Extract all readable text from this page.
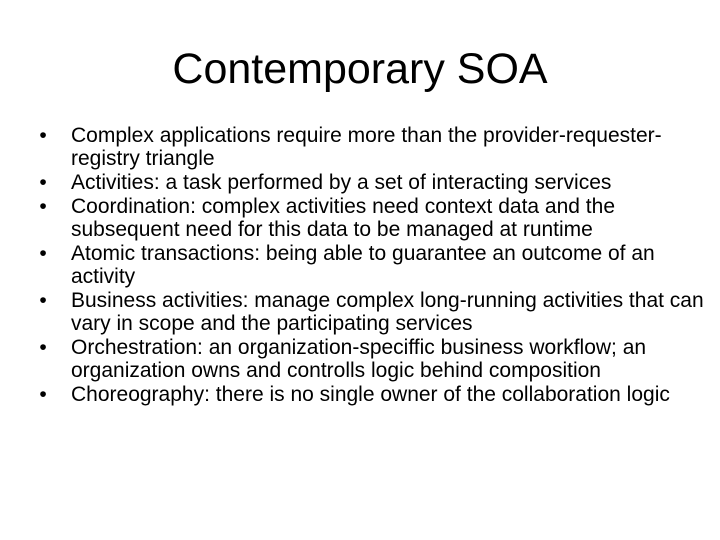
Contemporary SOA
• Complex applications require more than the provider-requester-registry triangle
• Activities: a task performed by a set of interacting services
• Coordination: complex activities need context data and the subsequent need for this data to be managed at runtime
• Atomic transactions: being able to guarantee an outcome of an activity
• Business activities: manage complex long-running activities that can vary in scope and the participating services
• Orchestration: an organization-speciffic business workflow; an organization owns and controlls logic behind composition
• Choreography: there is no single owner of the collaboration logic
